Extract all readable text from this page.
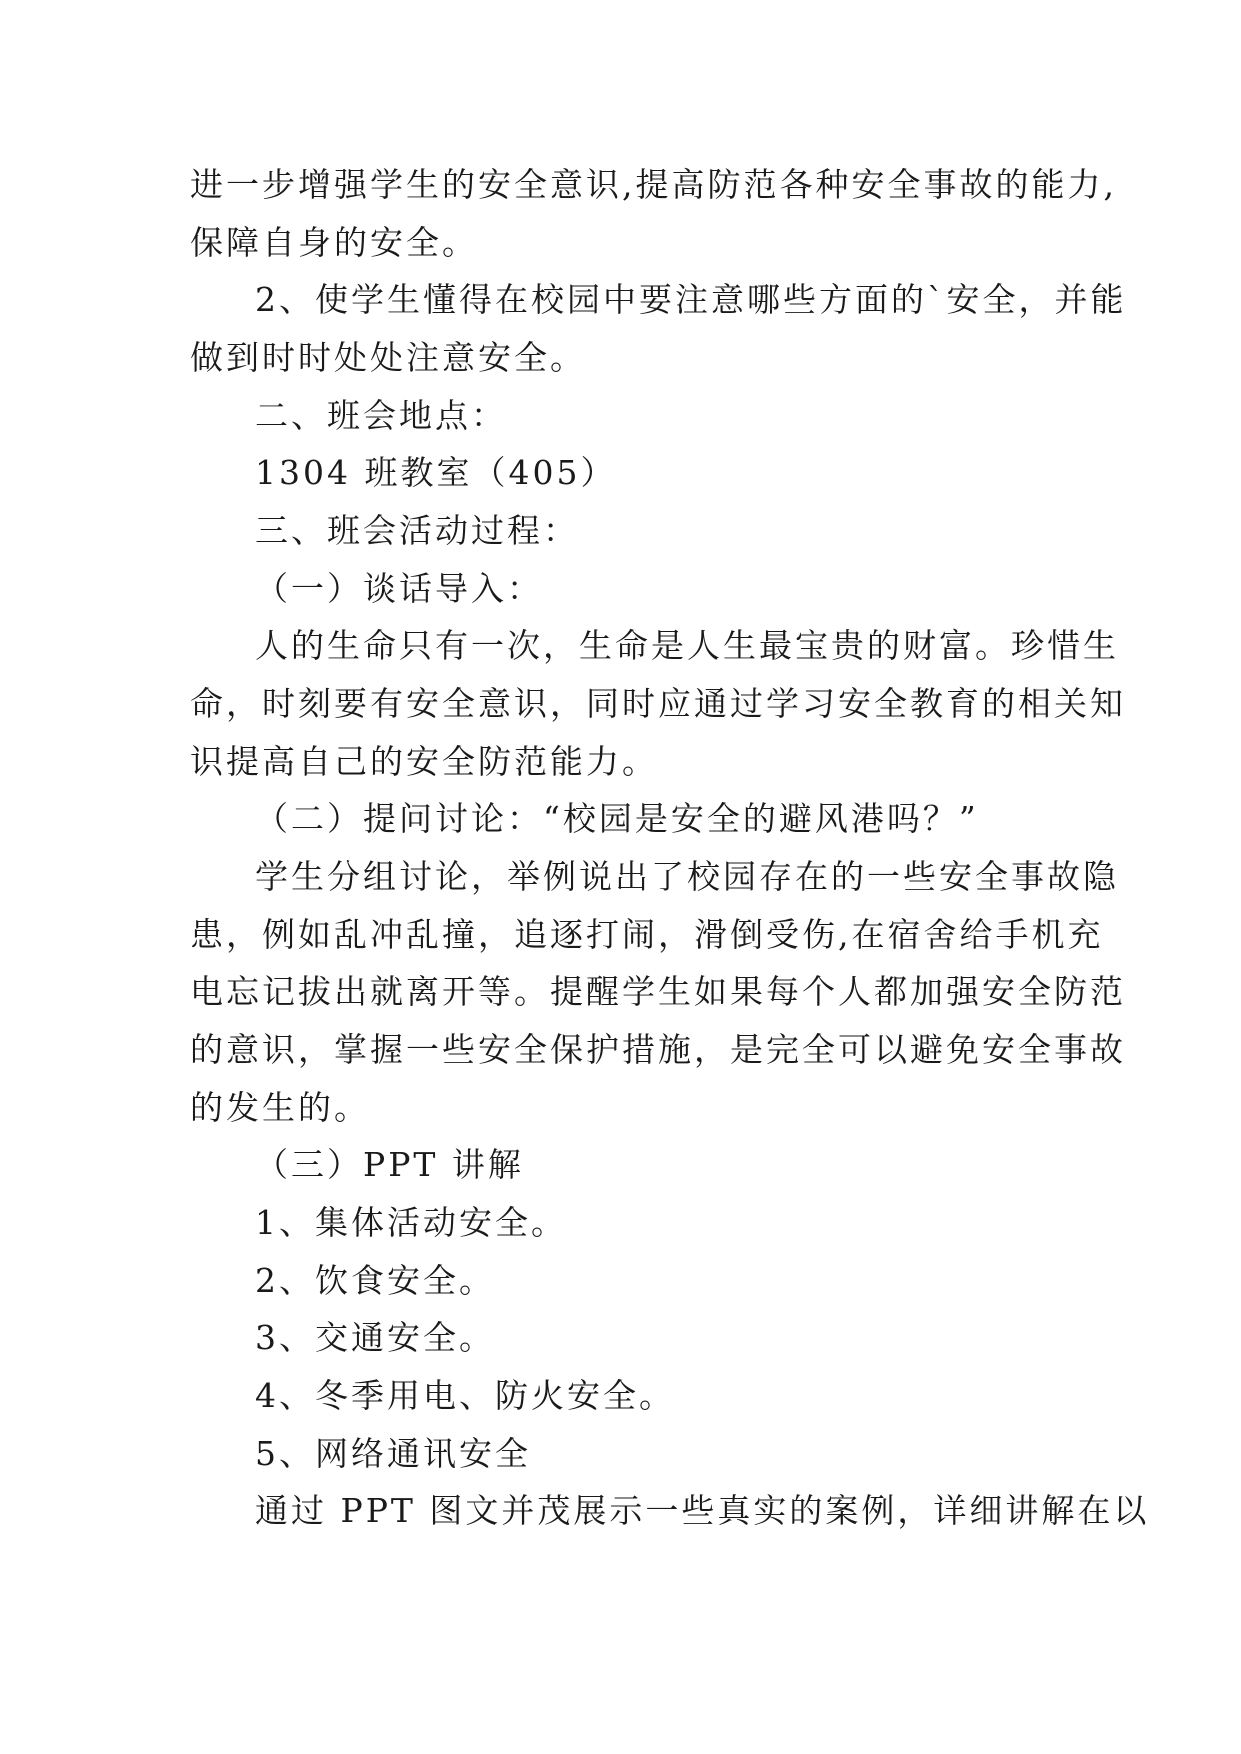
进一步增强学生的安全意识,提高防范各种安全事故的能力,
保障自身的安全。
2、使学生懂得在校园中要注意哪些方面的`安全，并能
做到时时处处注意安全。
二、班会地点：
1304 班教室（405）
三、班会活动过程：
（一）谈话导入：
人的生命只有一次，生命是人生最宝贵的财富。珍惜生
命，时刻要有安全意识，同时应通过学习安全教育的相关知
识提高自己的安全防范能力。
（二）提问讨论：“校园是安全的避风港吗？”
学生分组讨论，举例说出了校园存在的一些安全事故隐
患，例如乱冲乱撞，追逐打闹，滑倒受伤,在宿舍给手机充
电忘记拔出就离开等。提醒学生如果每个人都加强安全防范
的意识，掌握一些安全保护措施，是完全可以避免安全事故
的发生的。
（三）PPT 讲解
1、集体活动安全。
2、饮食安全。
3、交通安全。
4、冬季用电、防火安全。
5、网络通讯安全
通过 PPT 图文并茂展示一些真实的案例，详细讲解在以
